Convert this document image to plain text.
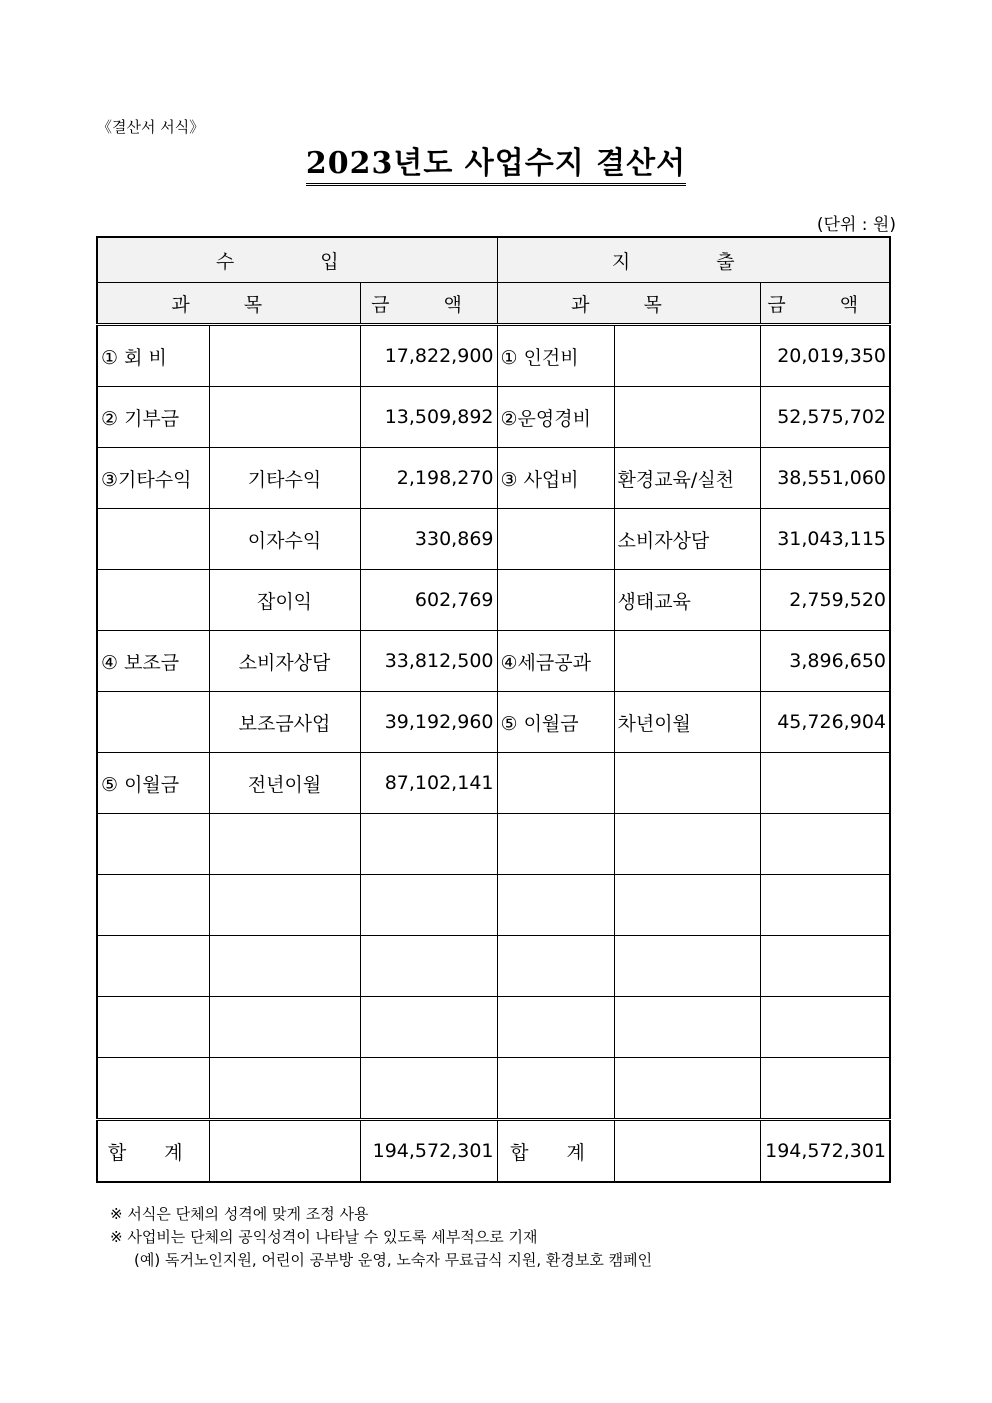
《결산서 서식》
2023년도 사업수지 결산서
(단위 : 원)
수 입			지 출		
과 목		금 액	과 목		금 액
① 회 비		17,822,900	① 인건비		20,019,350
② 기부금		13,509,892	②운영경비		52,575,702
③기타수익	기타수익	2,198,270	③ 사업비	환경교육/실천	38,551,060
	이자수익	330,869		소비자상담	31,043,115
	잡이익	602,769		생태교육	2,759,520
④ 보조금	소비자상담	33,812,500	④세금공과		3,896,650
	보조금사업	39,192,960	⑤ 이월금	차년이월	45,726,904
⑤ 이월금	전년이월	87,102,141			

합 계		194,572,301	합 계		194,572,301
※ 서식은 단체의 성격에 맞게 조정 사용
※ 사업비는 단체의 공익성격이 나타날 수 있도록 세부적으로 기재
(예) 독거노인지원, 어린이 공부방 운영, 노숙자 무료급식 지원, 환경보호 캠페인
